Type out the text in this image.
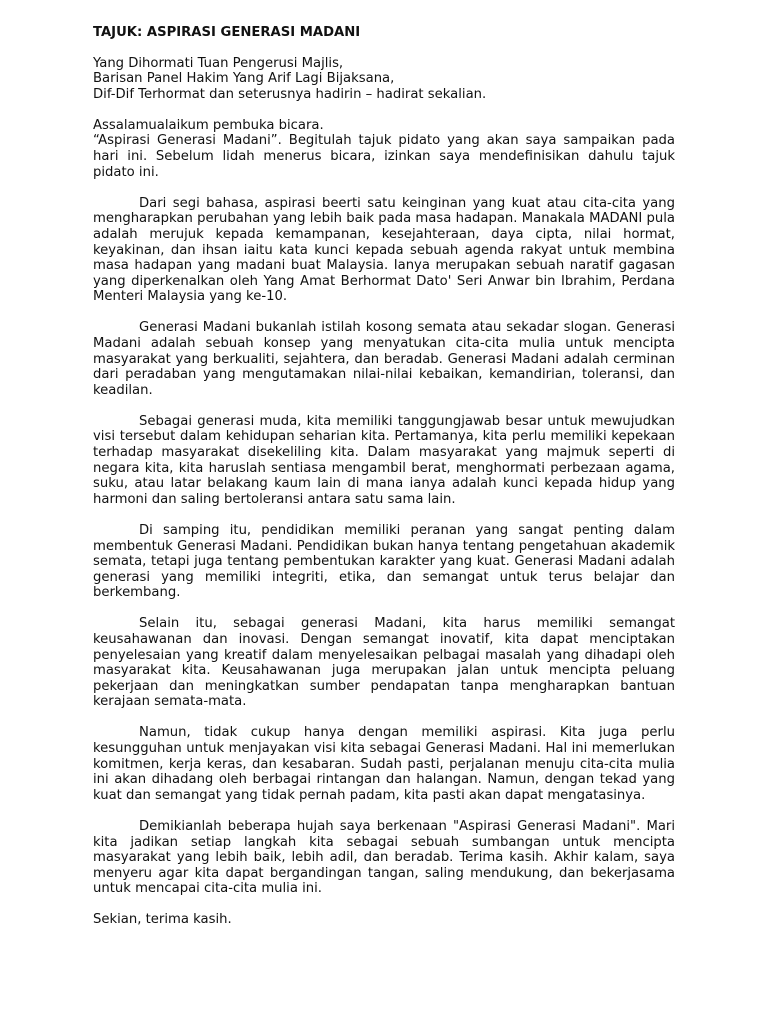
TAJUK: ASPIRASI GENERASI MADANI
Yang Dihormati Tuan Pengerusi Majlis,
Barisan Panel Hakim Yang Arif Lagi Bijaksana,
Dif-Dif Terhormat dan seterusnya hadirin – hadirat sekalian.

Assalamualaikum pembuka bicara.

“Aspirasi Generasi Madani”. Begitulah tajuk pidato yang akan saya sampaikan pada hari ini. Sebelum lidah menerus bicara, izinkan saya mendefinisikan dahulu tajuk pidato ini.

Dari segi bahasa, aspirasi beerti satu keinginan yang kuat atau cita-cita yang mengharapkan perubahan yang lebih baik pada masa hadapan. Manakala MADANI pula adalah merujuk kepada kemampanan, kesejahteraan, daya cipta, nilai hormat, keyakinan, dan ihsan iaitu kata kunci kepada sebuah agenda rakyat untuk membina masa hadapan yang madani buat Malaysia. Ianya merupakan sebuah naratif gagasan yang diperkenalkan oleh Yang Amat Berhormat Dato' Seri Anwar bin Ibrahim, Perdana Menteri Malaysia yang ke-10.

Generasi Madani bukanlah istilah kosong semata atau sekadar slogan. Generasi Madani adalah sebuah konsep yang menyatukan cita-cita mulia untuk mencipta masyarakat yang berkualiti, sejahtera, dan beradab. Generasi Madani adalah cerminan dari peradaban yang mengutamakan nilai-nilai kebaikan, kemandirian, toleransi, dan keadilan.

Sebagai generasi muda, kita memiliki tanggungjawab besar untuk mewujudkan visi tersebut dalam kehidupan seharian kita. Pertamanya, kita perlu memiliki kepekaan terhadap masyarakat disekeliling kita. Dalam masyarakat yang majmuk seperti di negara kita, kita haruslah sentiasa mengambil berat, menghormati perbezaan agama, suku, atau latar belakang kaum lain di mana ianya adalah kunci kepada hidup yang harmoni dan saling bertoleransi antara satu sama lain.

Di samping itu, pendidikan memiliki peranan yang sangat penting dalam membentuk Generasi Madani. Pendidikan bukan hanya tentang pengetahuan akademik semata, tetapi juga tentang pembentukan karakter yang kuat. Generasi Madani adalah generasi yang memiliki integriti, etika, dan semangat untuk terus belajar dan berkembang.

Selain itu, sebagai generasi Madani, kita harus memiliki semangat keusahawanan dan inovasi. Dengan semangat inovatif, kita dapat menciptakan penyelesaian yang kreatif dalam menyelesaikan pelbagai masalah yang dihadapi oleh masyarakat kita. Keusahawanan juga merupakan jalan untuk mencipta peluang pekerjaan dan meningkatkan sumber pendapatan tanpa mengharapkan bantuan kerajaan semata-mata.

Namun, tidak cukup hanya dengan memiliki aspirasi. Kita juga perlu kesungguhan untuk menjayakan visi kita sebagai Generasi Madani. Hal ini memerlukan komitmen, kerja keras, dan kesabaran. Sudah pasti, perjalanan menuju cita-cita mulia ini akan dihadang oleh berbagai rintangan dan halangan. Namun, dengan tekad yang kuat dan semangat yang tidak pernah padam, kita pasti akan dapat mengatasinya.

Demikianlah beberapa hujah saya berkenaan "Aspirasi Generasi Madani". Mari kita jadikan setiap langkah kita sebagai sebuah sumbangan untuk mencipta masyarakat yang lebih baik, lebih adil, dan beradab. Terima kasih. Akhir kalam, saya menyeru agar kita dapat bergandingan tangan, saling mendukung, dan bekerjasama untuk mencapai cita-cita mulia ini.

Sekian, terima kasih.
